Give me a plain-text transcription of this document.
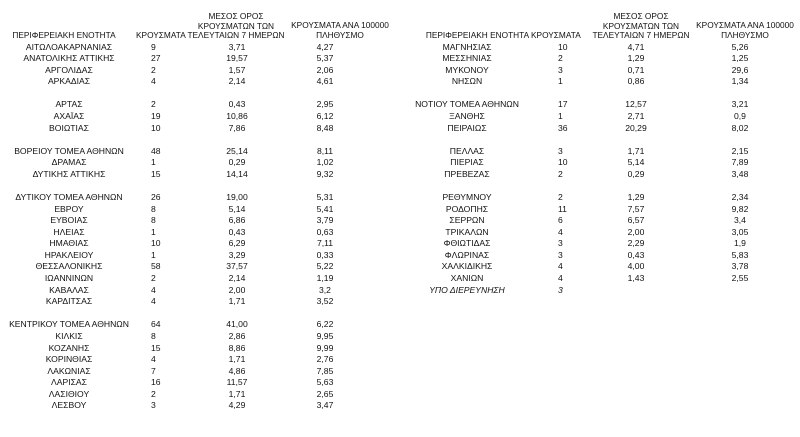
ΠΕΡΙΦΕΡΕΙΑΚΗ ΕΝΟΤΗΤΑ	ΚΡΟΥΣΜΑΤΑ
ΜΕΣΟΣ ΟΡΟΣ
ΚΡΟΥΣΜΑΤΩΝ ΤΩΝ
ΤΕΛΕΥΤΑΙΩΝ 7 ΗΜΕΡΩΝ
ΚΡΟΥΣΜΑΤΑ ΑΝΑ 100000
ΠΛΗΘΥΣΜΟ
ΑΙΤΩΛΟΑΚΑΡΝΑΝΙΑΣ	9	3,71	4,27
ΑΝΑΤΟΛΙΚΗΣ ΑΤΤΙΚΗΣ	27	19,57	5,37
ΑΡΓΟΛΙΔΑΣ	2	1,57	2,06
ΑΡΚΑΔΙΑΣ	4	2,14	4,61
ΑΡΤΑΣ	2	0,43	2,95
ΑΧΑΪΑΣ	19	10,86	6,12
ΒΟΙΩΤΙΑΣ	10	7,86	8,48
ΒΟΡΕΙΟΥ ΤΟΜΕΑ ΑΘΗΝΩΝ	48	25,14	8,11
ΔΡΑΜΑΣ	1	0,29	1,02
ΔΥΤΙΚΗΣ ΑΤΤΙΚΗΣ	15	14,14	9,32
ΔΥΤΙΚΟΥ ΤΟΜΕΑ ΑΘΗΝΩΝ	26	19,00	5,31
ΕΒΡΟΥ	8	5,14	5,41
ΕΥΒΟΙΑΣ	8	6,86	3,79
ΗΛΕΙΑΣ	1	0,43	0,63
ΗΜΑΘΙΑΣ	10	6,29	7,11
ΗΡΑΚΛΕΙΟΥ	1	3,29	0,33
ΘΕΣΣΑΛΟΝΙΚΗΣ	58	37,57	5,22
ΙΩΑΝΝΙΝΩΝ	2	2,14	1,19
ΚΑΒΑΛΑΣ	4	2,00	3,2
ΚΑΡΔΙΤΣΑΣ	4	1,71	3,52
ΚΕΝΤΡΙΚΟΥ ΤΟΜΕΑ ΑΘΗΝΩΝ	64	41,00	6,22
ΚΙΛΚΙΣ	8	2,86	9,95
ΚΟΖΑΝΗΣ	15	8,86	9,99
ΚΟΡΙΝΘΙΑΣ	4	1,71	2,76
ΛΑΚΩΝΙΑΣ	7	4,86	7,85
ΛΑΡΙΣΑΣ	16	11,57	5,63
ΛΑΣΙΘΙΟΥ	2	1,71	2,65
ΛΕΣΒΟΥ	3	4,29	3,47
ΠΕΡΙΦΕΡΕΙΑΚΗ ΕΝΟΤΗΤΑ ΚΡΟΥΣΜΑΤΑ
ΜΕΣΟΣ ΟΡΟΣ
ΚΡΟΥΣΜΑΤΩΝ ΤΩΝ
ΤΕΛΕΥΤΑΙΩΝ 7 ΗΜΕΡΩΝ
ΚΡΟΥΣΜΑΤΑ ΑΝΑ 100000
ΠΛΗΘΥΣΜΟ
ΜΑΓΝΗΣΙΑΣ	10	4,71	5,26
ΜΕΣΣΗΝΙΑΣ	2	1,29	1,25
ΜΥΚΟΝΟΥ	3	0,71	29,6
ΝΗΣΩΝ	1	0,86	1,34
ΝΟΤΙΟΥ ΤΟΜΕΑ ΑΘΗΝΩΝ	17	12,57	3,21
ΞΑΝΘΗΣ	1	2,71	0,9
ΠΕΙΡΑΙΩΣ	36	20,29	8,02
ΠΕΛΛΑΣ	3	1,71	2,15
ΠΙΕΡΙΑΣ	10	5,14	7,89
ΠΡΕΒΕΖΑΣ	2	0,29	3,48
ΡΕΘΥΜΝΟΥ	2	1,29	2,34
ΡΟΔΟΠΗΣ	11	7,57	9,82
ΣΕΡΡΩΝ	6	6,57	3,4
ΤΡΙΚΑΛΩΝ	4	2,00	3,05
ΦΘΙΩΤΙΔΑΣ	3	2,29	1,9
ΦΛΩΡΙΝΑΣ	3	0,43	5,83
ΧΑΛΚΙΔΙΚΗΣ	4	4,00	3,78
ΧΑΝΙΩΝ	4	1,43	2,55
ΥΠΟ ΔΙΕΡΕΥΝΗΣΗ	3
